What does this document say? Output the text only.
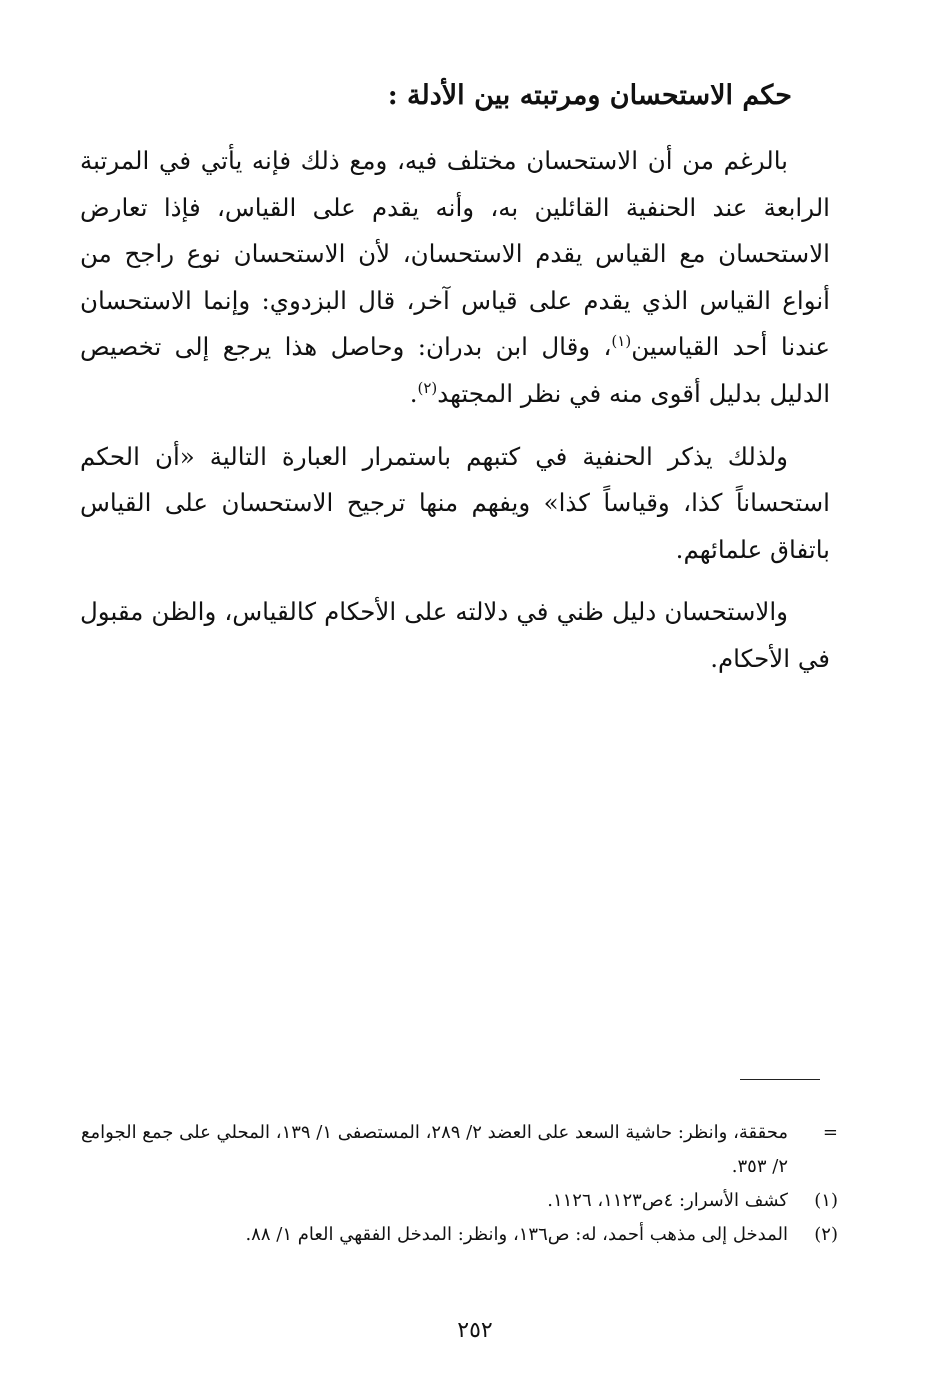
حكم الاستحسان ومرتبته بين الأدلة :

بالرغم من أن الاستحسان مختلف فيه، ومع ذلك فإنه يأتي في المرتبة الرابعة عند الحنفية القائلين به، وأنه يقدم على القياس، فإذا تعارض الاستحسان مع القياس يقدم الاستحسان، لأن الاستحسان نوع راجح من أنواع القياس الذي يقدم على قياس آخر، قال البزدوي: وإنما الاستحسان عندنا أحد القياسين$^{(١)}$، وقال ابن بدران: وحاصل هذا يرجع إلى تخصيص الدليل بدليل أقوى منه في نظر المجتهد$^{(٢)}$.

ولذلك يذكر الحنفية في كتبهم باستمرار العبارة التالية «أن الحكم استحساناً كذا، وقياساً كذا» ويفهم منها ترجيح الاستحسان على القياس باتفاق علمائهم.

والاستحسان دليل ظني في دلالته على الأحكام كالقياس، والظن مقبول في الأحكام.

=
محققة، وانظر: حاشية السعد على العضد ٢/ ٢٨٩، المستصفى ١/ ١٣٩، المحلي على جمع الجوامع ٢/ ٣٥٣.
(١)
كشف الأسرار: ٤ص١١٢٣، ١١٢٦.
(٢)
المدخل إلى مذهب أحمد، له: ص١٣٦، وانظر: المدخل الفقهي العام ١/ ٨٨.
٢٥٢
